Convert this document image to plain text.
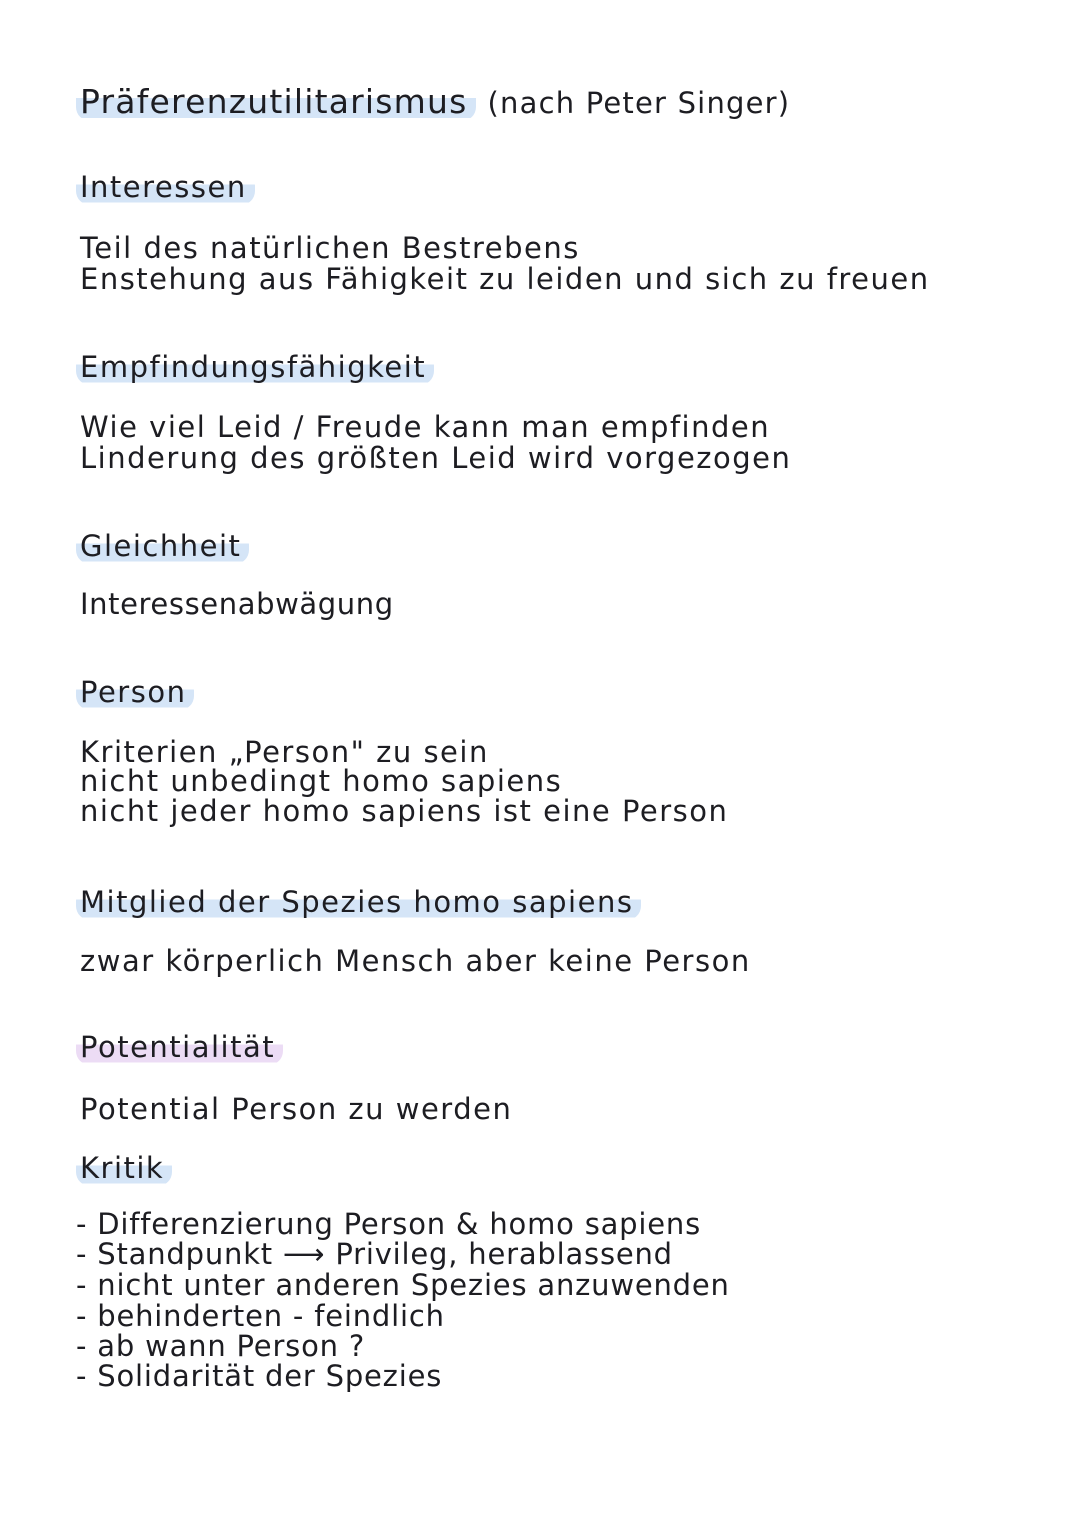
Präferenzutilitarismus (nach Peter Singer)
Interessen
Teil des natürlichen Bestrebens
Enstehung aus Fähigkeit zu leiden und sich zu freuen
Empfindungsfähigkeit
Wie viel Leid / Freude kann man empfinden
Linderung des größten Leid wird vorgezogen
Gleichheit
Interessenabwägung
Person
Kriterien „Person" zu sein
nicht unbedingt homo sapiens
nicht jeder homo sapiens ist eine Person
Mitglied der Spezies homo sapiens
zwar körperlich Mensch aber keine Person
Potentialität
Potential Person zu werden
Kritik
- Differenzierung Person & homo sapiens
- Standpunkt ⟶ Privileg, herablassend
- nicht unter anderen Spezies anzuwenden
- behinderten - feindlich
- ab wann Person ?
- Solidarität der Spezies
